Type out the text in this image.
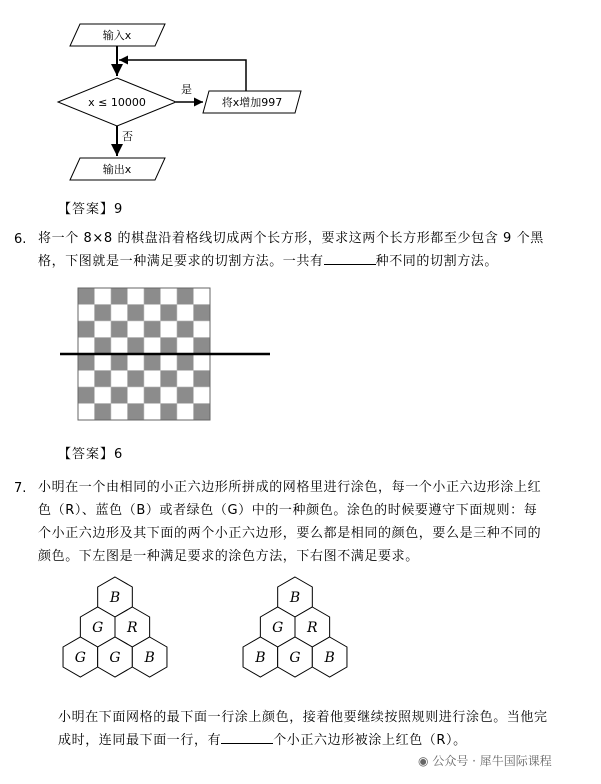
输入x
x ≤ 10000
是
将x增加997
否
输出x
【答案】9
6. 将一个 8×8 的棋盘沿着格线切成两个长方形，要求这两个长方形都至少包含 9 个黑
格，下图就是一种满足要求的切割方法。一共有	种不同的切割方法。
【答案】6
7. 小明在一个由相同的小正六边形所拼成的网格里进行涂色，每一个小正六边形涂上红
色（R）、蓝色（B）或者绿色（G）中的一种颜色。涂色的时候要遵守下面规则：每
个小正六边形及其下面的两个小正六边形，要么都是相同的颜色，要么是三种不同的
颜色。下左图是一种满足要求的涂色方法，下右图不满足要求。
B
G R
G G B
B
G R
B G B
小明在下面网格的最下面一行涂上颜色，接着他要继续按照规则进行涂色。当他完
成时，连同最下面一行，有	个小正六边形被涂上红色（R）。
◉ 公众号 · 犀牛国际课程
